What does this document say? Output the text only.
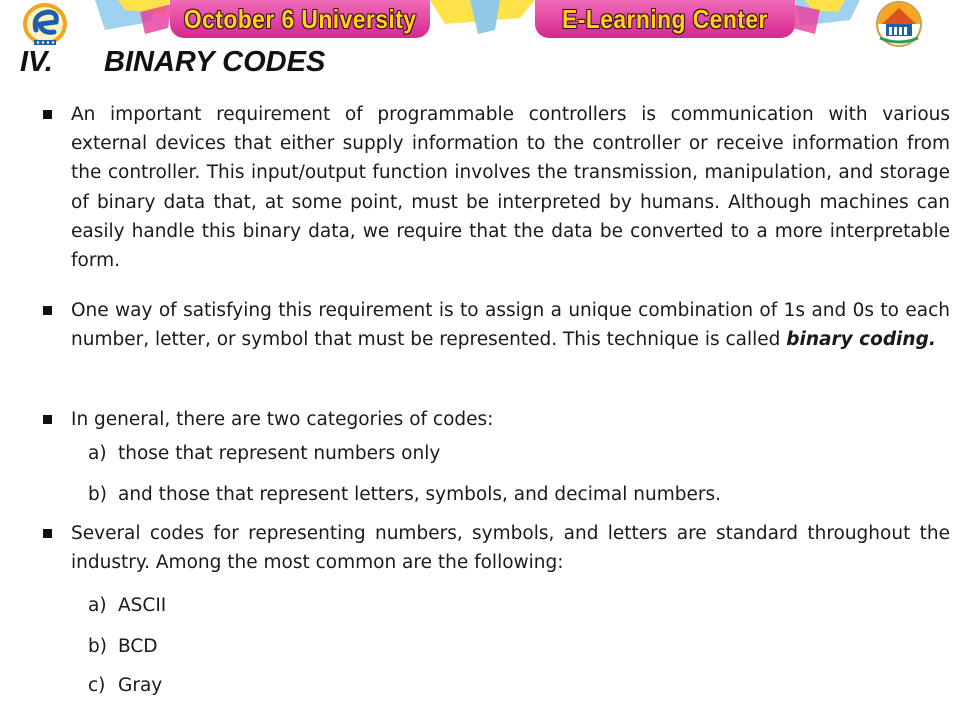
October 6 University	E-Learning Center
IV. BINARY CODES
An important requirement of programmable controllers is communication with various external devices that either supply information to the controller or receive information from the controller. This input/output function involves the transmission, manipulation, and storage of binary data that, at some point, must be interpreted by humans. Although machines can easily handle this binary data, we require that the data be converted to a more interpretable form.
One way of satisfying this requirement is to assign a unique combination of 1s and 0s to each number, letter, or symbol that must be represented. This technique is called binary coding.
In general, there are two categories of codes:
a) those that represent numbers only
b) and those that represent letters, symbols, and decimal numbers.
Several codes for representing numbers, symbols, and letters are standard throughout the industry. Among the most common are the following:
a) ASCII
b) BCD
c) Gray
